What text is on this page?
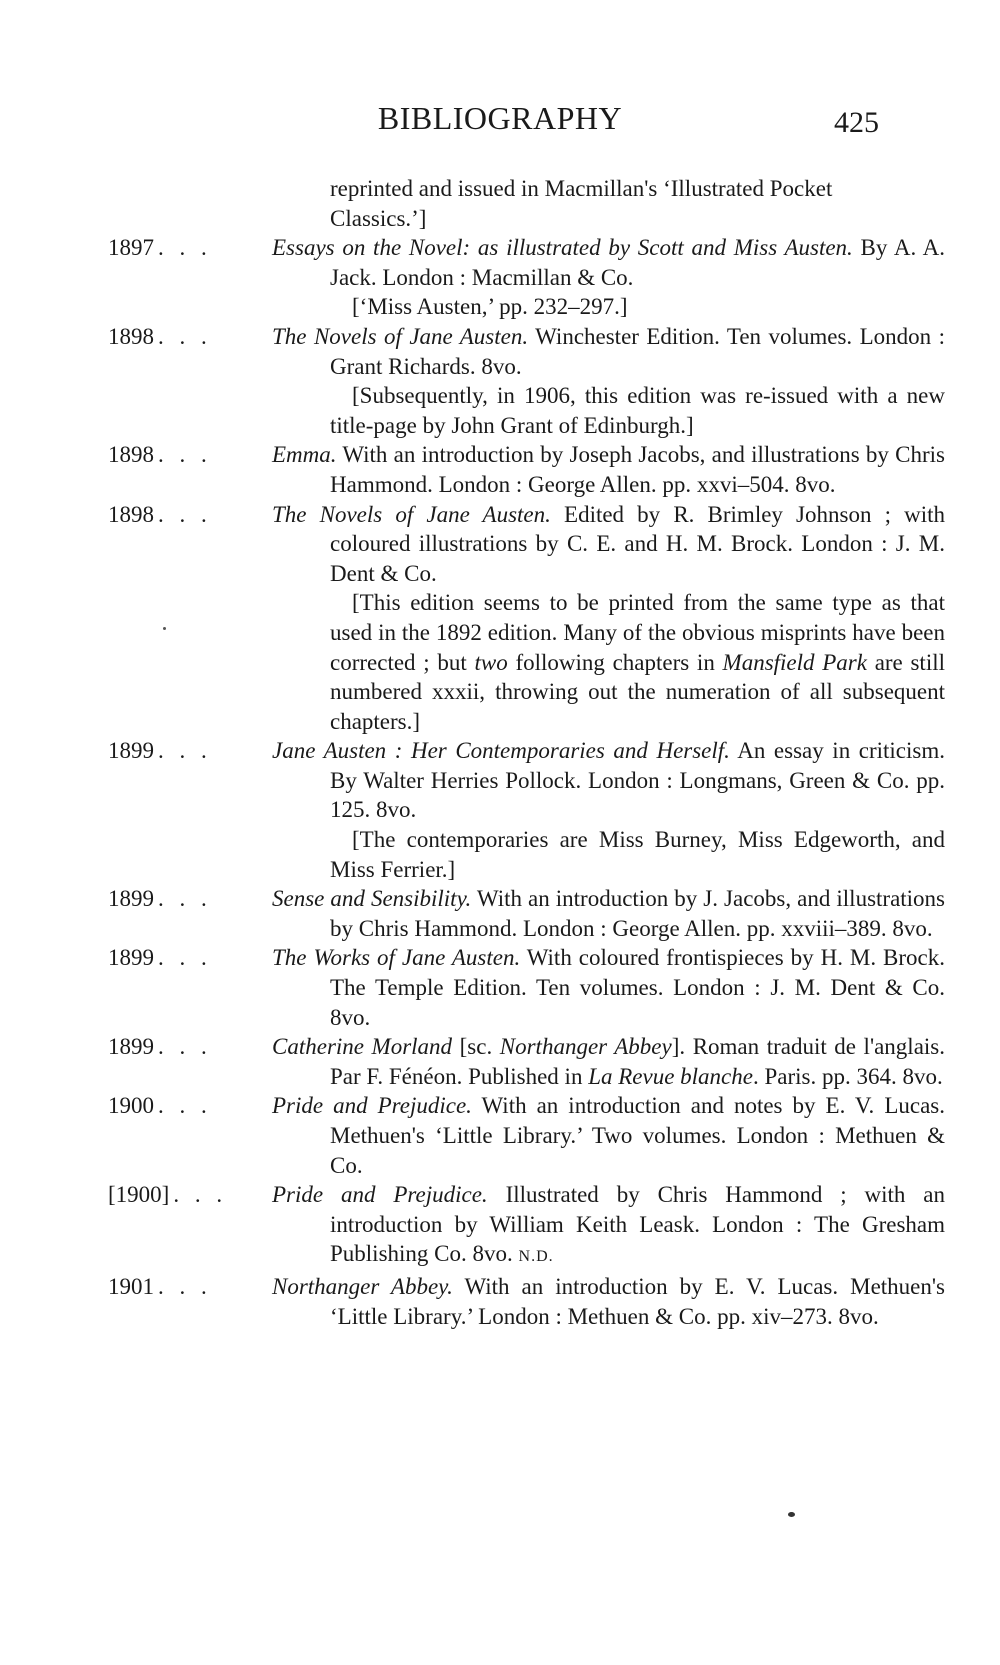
BIBLIOGRAPHY	425
reprinted and issued in Macmillan's ‘Illustrated Pocket Classics.’]
1897 . . .	Essays on the Novel: as illustrated by Scott and Miss Austen. By A. A. Jack. London : Macmillan & Co.
[‘Miss Austen,’ pp. 232–297.]
1898 . . .	The Novels of Jane Austen. Winchester Edition. Ten volumes. London : Grant Richards. 8vo.
[Subsequently, in 1906, this edition was re-issued with a new title-page by John Grant of Edinburgh.]
1898 . . .	Emma. With an introduction by Joseph Jacobs, and illustrations by Chris Hammond. London : George Allen. pp. xxvi–504. 8vo.
1898 . . .	The Novels of Jane Austen. Edited by R. Brimley Johnson ; with coloured illustrations by C. E. and H. M. Brock. London : J. M. Dent & Co.
[This edition seems to be printed from the same type as that used in the 1892 edition. Many of the obvious misprints have been corrected ; but two following chapters in Mansfield Park are still numbered xxxii, throwing out the numeration of all subsequent chapters.]
1899 . . .	Jane Austen : Her Contemporaries and Herself. An essay in criticism. By Walter Herries Pollock. London : Longmans, Green & Co. pp. 125. 8vo.
[The contemporaries are Miss Burney, Miss Edgeworth, and Miss Ferrier.]
1899 . . .	Sense and Sensibility. With an introduction by J. Jacobs, and illustrations by Chris Hammond. London : George Allen. pp. xxviii–389. 8vo.
1899 . . .	The Works of Jane Austen. With coloured frontispieces by H. M. Brock. The Temple Edition. Ten volumes. London : J. M. Dent & Co. 8vo.
1899 . . .	Catherine Morland [sc. Northanger Abbey]. Roman traduit de l'anglais. Par F. Fénéon. Published in La Revue blanche. Paris. pp. 364. 8vo.
1900 . . .	Pride and Prejudice. With an introduction and notes by E. V. Lucas. Methuen's ‘Little Library.’ Two volumes. London : Methuen & Co.
[1900] . . .	Pride and Prejudice. Illustrated by Chris Hammond ; with an introduction by William Keith Leask. London : The Gresham Publishing Co. 8vo. N.D.
1901 . . .	Northanger Abbey. With an introduction by E. V. Lucas. Methuen's ‘Little Library.’ London : Methuen & Co. pp. xiv–273. 8vo.
